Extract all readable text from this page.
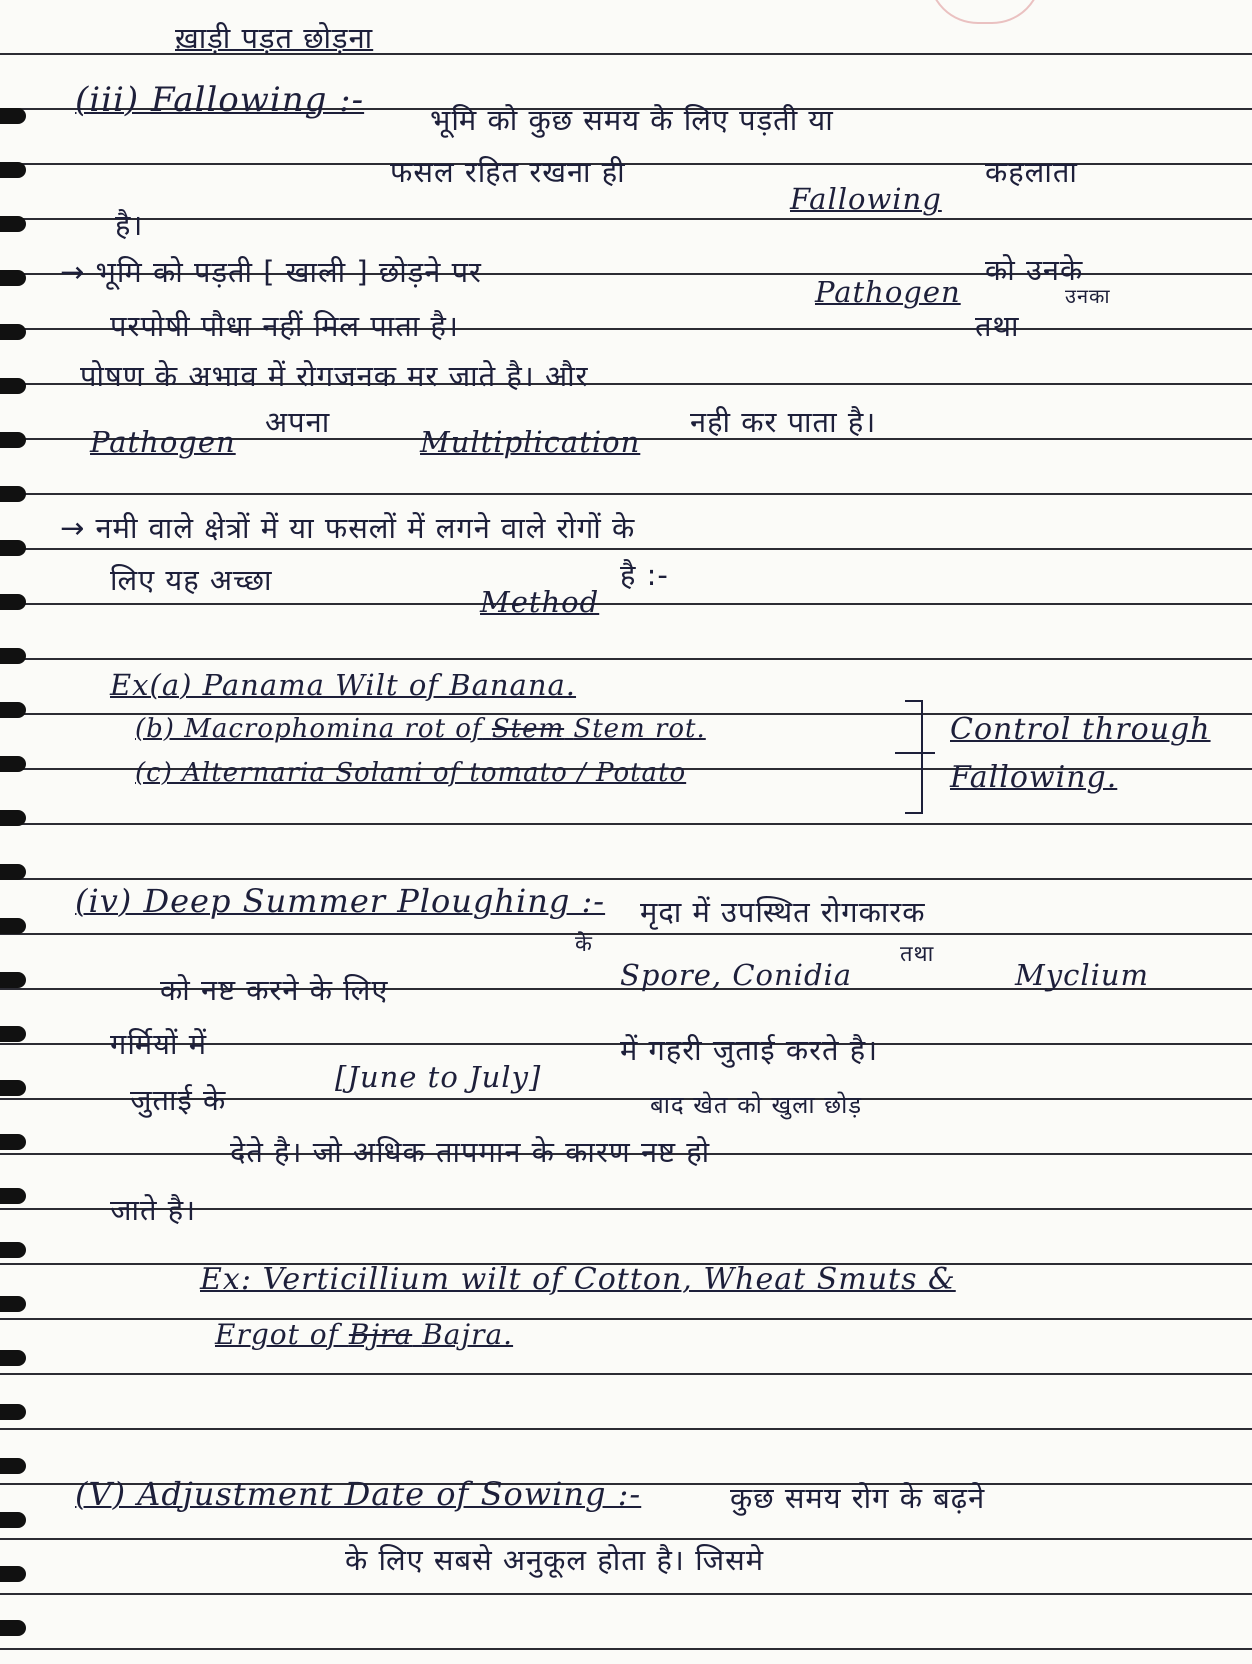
ख़ाड़ी पड़त छोड़ना
(iii) Fallowing :- भूमि को कुछ समय के लिए पड़ती या
फसल रहित रखना ही	कहलाता
है।
Fallowing
→ भूमि को पड़ती [ खाली ] छोड़ने पर
Pathogen
को उनके
उनका
परपोषी पौधा नहीं मिल पाता है।	तथा
पोषण के अभाव में रोगजनक मर जाते है। और
Pathogen
अपना
Multiplication
नही कर पाता है।
→ नमी वाले क्षेत्रों में या फसलों में लगने वाले रोगों के
लिए यह अच्छा
Method
है :-
Ex(a) Panama Wilt of Banana.
(b) Macrophomina rot of Stem Stem rot.
(c) Alternaria Solani of tomato / Potato
Control through
Fallowing.
(iv) Deep Summer Ploughing :- मृदा में उपस्थित रोगकारक
के
Spore, Conidia
तथा
Myclium
को नष्ट करने के लिए
गर्मियों में
[June to July]
में गहरी जुताई करते है।
जुताई के	बाद खेत को खुला छोड़
देते है। जो अधिक तापमान के कारण नष्ट हो
जाते है।
Ex: Verticillium wilt of Cotton, Wheat Smuts &
Ergot of Bjra Bajra.
(V) Adjustment Date of Sowing :-	कुछ समय रोग के बढ़ने
के लिए सबसे अनुकूल होता है। जिसमे
